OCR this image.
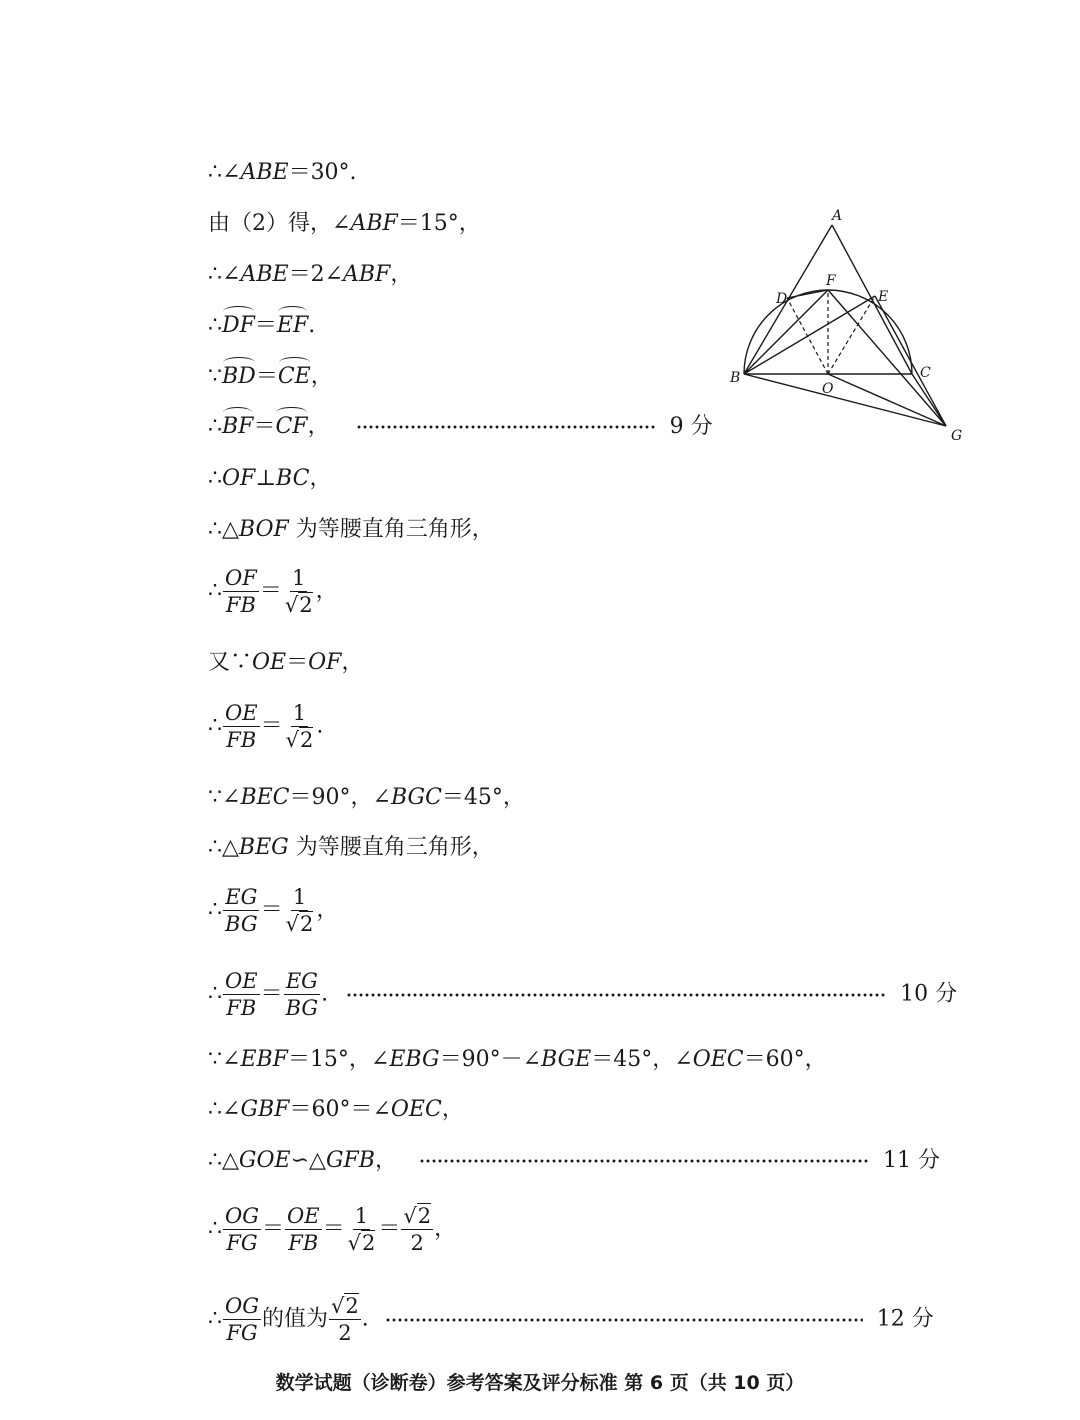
∴∠ABE＝30°.
由（2）得，∠ABF＝15°，
∴∠ABE＝2∠ABF，
∴DF＝EF.
∵BD＝CE，
∴BF＝CF，	9 分
∴OF⊥BC，
∴△BOF 为等腰直角三角形，
∴ $\frac{OF}{FB} = \frac{1}{√2}$ ，
又∵OE＝OF，
∴ $\frac{OE}{FB} = \frac{1}{√2}$ .
∵∠BEC＝90°，∠BGC＝45°，
∴△BEG 为等腰直角三角形，
∴ $\frac{EG}{BG} = \frac{1}{√2}$ ，
∴ $\frac{OE}{FB} = \frac{EG}{BG}$ .	10 分
∵∠EBF＝15°，∠EBG＝90°－∠BGE＝45°，∠OEC＝60°，
∴∠GBF＝60°＝∠OEC，
∴△GOE∽△GFB，	11 分
∴ $\frac{OG}{FG} = \frac{OE}{FB} = \frac{1}{√2} = \frac{√2}{2}$ ，
∴ $\frac{OG}{FG}$ 的值为 $\frac{√2}{2}$ .	12 分
A
F
D	E
B	C
O
G
数学试题（诊断卷）参考答案及评分标准 第 6 页（共 10 页）
